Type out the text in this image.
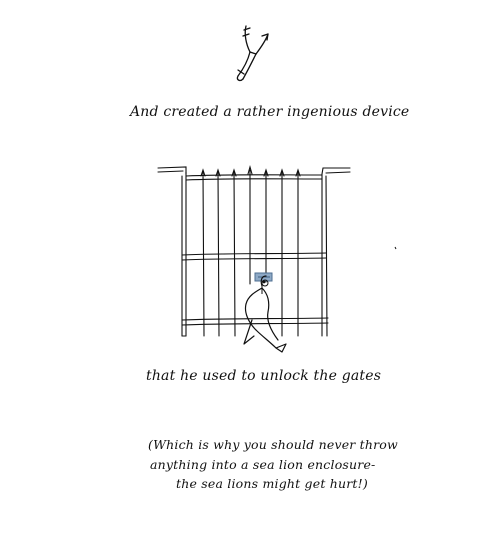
And created a rather ingenious device
that he used to unlock the gates
(Which is why you should never throw
anything into a sea lion enclosure-
the sea lions might get hurt!)
